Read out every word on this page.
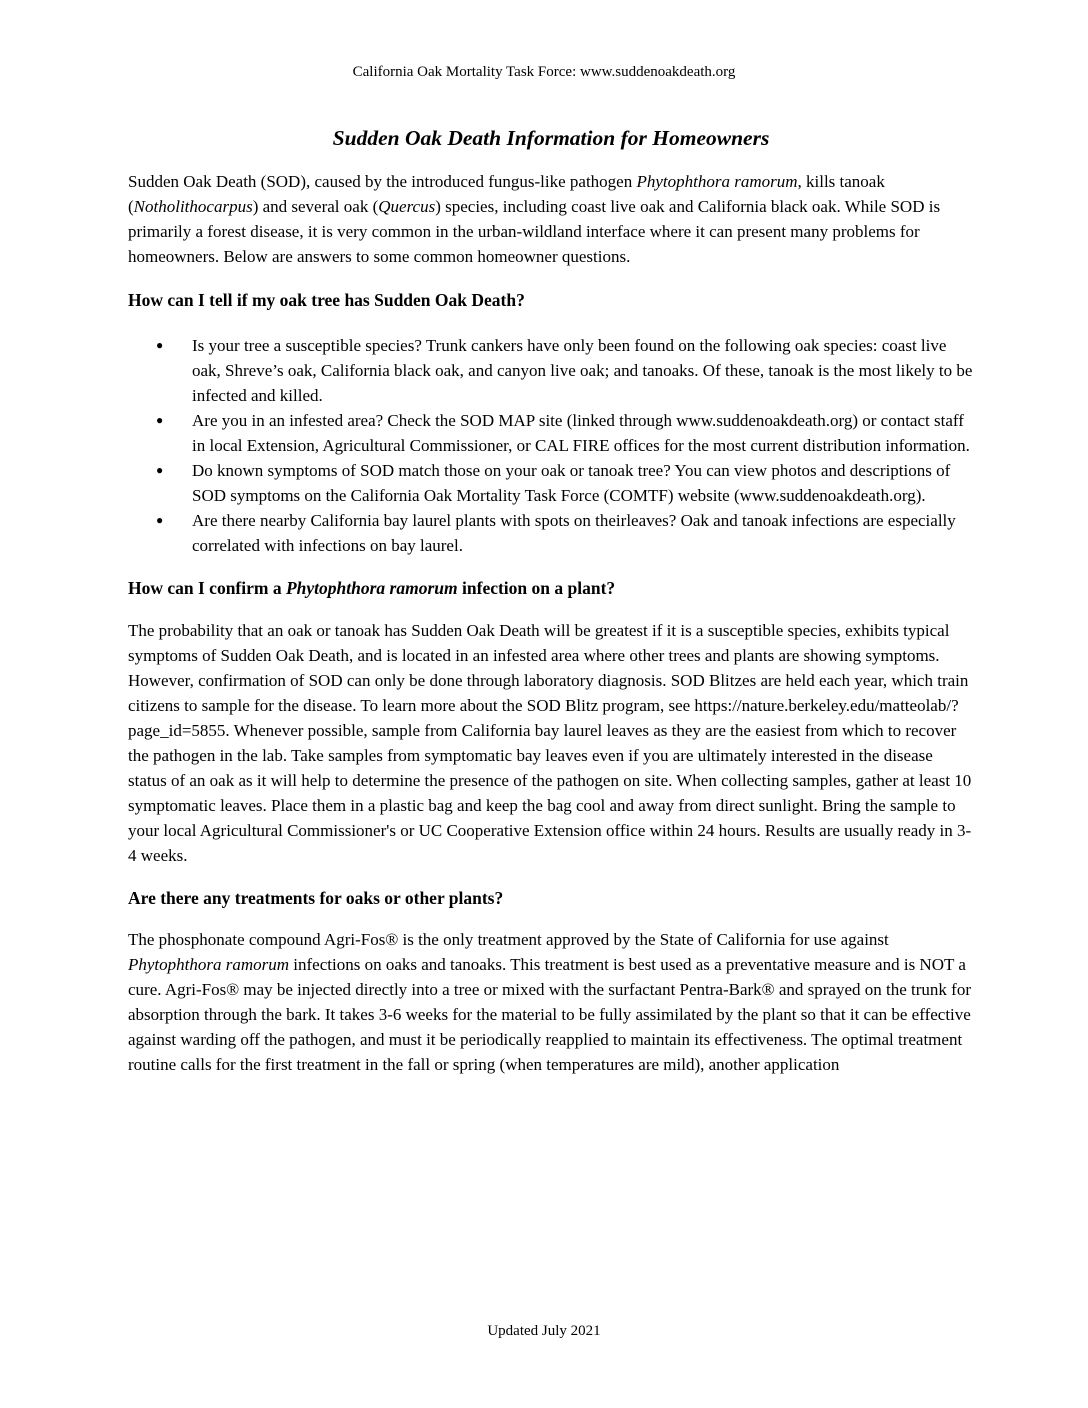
California Oak Mortality Task Force: www.suddenoakdeath.org
Sudden Oak Death Information for Homeowners

Sudden Oak Death (SOD), caused by the introduced fungus-like pathogen Phytophthora ramorum, kills tanoak (Notholithocarpus) and several oak (Quercus) species, including coast live oak and California black oak. While SOD is primarily a forest disease, it is very common in the urban-wildland interface where it can present many problems for homeowners. Below are answers to some common homeowner questions.

How can I tell if my oak tree has Sudden Oak Death?
● Is your tree a susceptible species? Trunk cankers have only been found on the following oak species: coast live oak, Shreve’s oak, California black oak, and canyon live oak; and tanoaks. Of these, tanoak is the most likely to be infected and killed.
● Are you in an infested area? Check the SOD MAP site (linked through www.suddenoakdeath.org) or contact staff in local Extension, Agricultural Commissioner, or CAL FIRE offices for the most current distribution information.
● Do known symptoms of SOD match those on your oak or tanoak tree? You can view photos and descriptions of SOD symptoms on the California Oak Mortality Task Force (COMTF) website (www.suddenoakdeath.org).
● Are there nearby California bay laurel plants with spots on theirleaves? Oak and tanoak infections are especially correlated with infections on bay laurel.
How can I confirm a Phytophthora ramorum infection on a plant?

The probability that an oak or tanoak has Sudden Oak Death will be greatest if it is a susceptible species, exhibits typical symptoms of Sudden Oak Death, and is located in an infested area where other trees and plants are showing symptoms. However, confirmation of SOD can only be done through laboratory diagnosis. SOD Blitzes are held each year, which train citizens to sample for the disease. To learn more about the SOD Blitz program, see https://nature.berkeley.edu/matteolab/?page_id=5855. Whenever possible, sample from California bay laurel leaves as they are the easiest from which to recover the pathogen in the lab. Take samples from symptomatic bay leaves even if you are ultimately interested in the disease status of an oak as it will help to determine the presence of the pathogen on site. When collecting samples, gather at least 10 symptomatic leaves. Place them in a plastic bag and keep the bag cool and away from direct sunlight. Bring the sample to your local Agricultural Commissioner's or UC Cooperative Extension office within 24 hours. Results are usually ready in 3-4 weeks.

Are there any treatments for oaks or other plants?

The phosphonate compound Agri-Fos® is the only treatment approved by the State of California for use against Phytophthora ramorum infections on oaks and tanoaks. This treatment is best used as a preventative measure and is NOT a cure. Agri-Fos® may be injected directly into a tree or mixed with the surfactant Pentra-Bark® and sprayed on the trunk for absorption through the bark. It takes 3-6 weeks for the material to be fully assimilated by the plant so that it can be effective against warding off the pathogen, and must it be periodically reapplied to maintain its effectiveness. The optimal treatment routine calls for the first treatment in the fall or spring (when temperatures are mild), another application

Updated July 2021
